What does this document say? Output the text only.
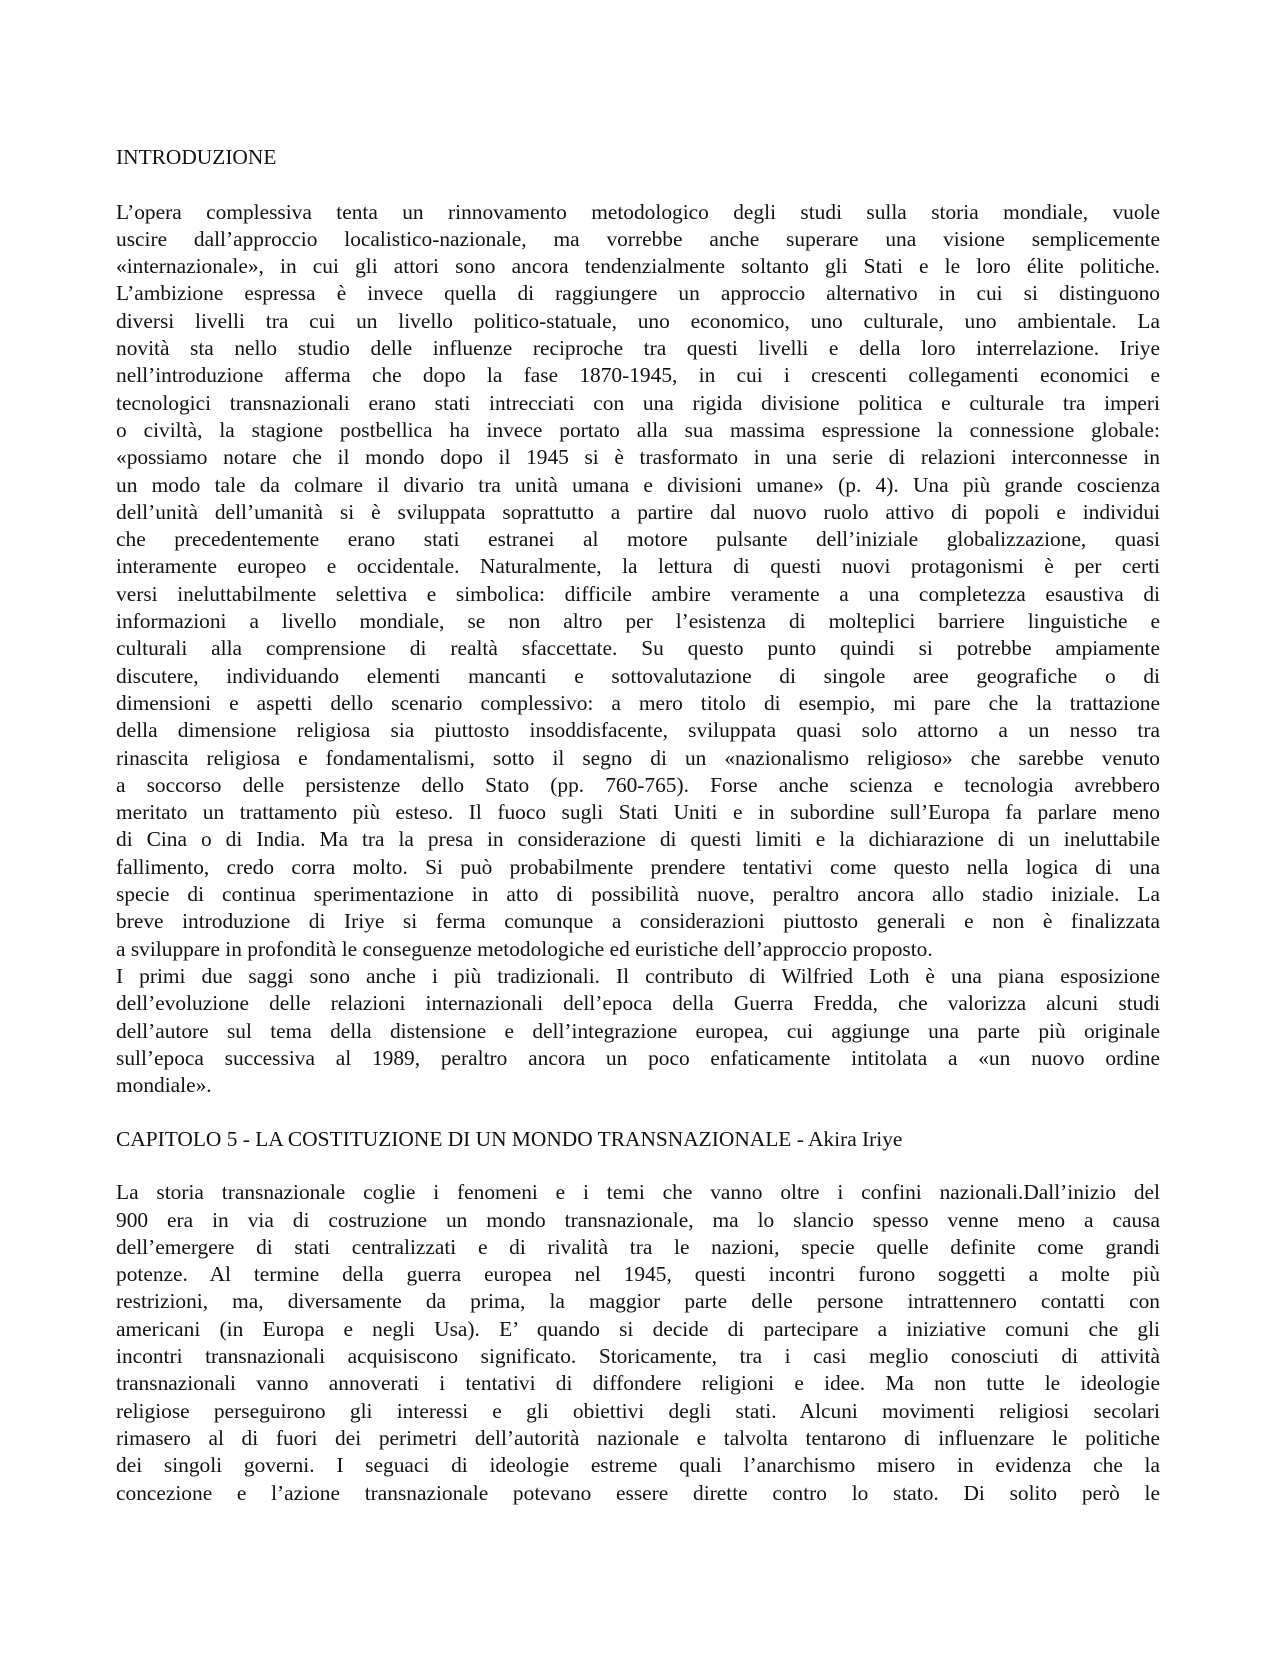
INTRODUZIONE

L’opera complessiva tenta un rinnovamento metodologico degli studi sulla storia mondiale, vuole
uscire dall’approccio localistico-nazionale, ma vorrebbe anche superare una visione semplicemente
«internazionale», in cui gli attori sono ancora tendenzialmente soltanto gli Stati e le loro élite politiche.
L’ambizione espressa è invece quella di raggiungere un approccio alternativo in cui si distinguono
diversi livelli tra cui un livello politico-statuale, uno economico, uno culturale, uno ambientale. La
novità sta nello studio delle influenze reciproche tra questi livelli e della loro interrelazione. Iriye
nell’introduzione afferma che dopo la fase 1870-1945, in cui i crescenti collegamenti economici e
tecnologici transnazionali erano stati intrecciati con una rigida divisione politica e culturale tra imperi
o civiltà, la stagione postbellica ha invece portato alla sua massima espressione la connessione globale:
«possiamo notare che il mondo dopo il 1945 si è trasformato in una serie di relazioni interconnesse in
un modo tale da colmare il divario tra unità umana e divisioni umane» (p. 4). Una più grande coscienza
dell’unità dell’umanità si è sviluppata soprattutto a partire dal nuovo ruolo attivo di popoli e individui
che precedentemente erano stati estranei al motore pulsante dell’iniziale globalizzazione, quasi
interamente europeo e occidentale. Naturalmente, la lettura di questi nuovi protagonismi è per certi
versi ineluttabilmente selettiva e simbolica: difficile ambire veramente a una completezza esaustiva di
informazioni a livello mondiale, se non altro per l’esistenza di molteplici barriere linguistiche e
culturali alla comprensione di realtà sfaccettate. Su questo punto quindi si potrebbe ampiamente
discutere, individuando elementi mancanti e sottovalutazione di singole aree geografiche o di
dimensioni e aspetti dello scenario complessivo: a mero titolo di esempio, mi pare che la trattazione
della dimensione religiosa sia piuttosto insoddisfacente, sviluppata quasi solo attorno a un nesso tra
rinascita religiosa e fondamentalismi, sotto il segno di un «nazionalismo religioso» che sarebbe venuto
a soccorso delle persistenze dello Stato (pp. 760-765). Forse anche scienza e tecnologia avrebbero
meritato un trattamento più esteso. Il fuoco sugli Stati Uniti e in subordine sull’Europa fa parlare meno
di Cina o di India. Ma tra la presa in considerazione di questi limiti e la dichiarazione di un ineluttabile
fallimento, credo corra molto. Si può probabilmente prendere tentativi come questo nella logica di una
specie di continua sperimentazione in atto di possibilità nuove, peraltro ancora allo stadio iniziale. La
breve introduzione di Iriye si ferma comunque a considerazioni piuttosto generali e non è finalizzata
a sviluppare in profondità le conseguenze metodologiche ed euristiche dell’approccio proposto.

I primi due saggi sono anche i più tradizionali. Il contributo di Wilfried Loth è una piana esposizione
dell’evoluzione delle relazioni internazionali dell’epoca della Guerra Fredda, che valorizza alcuni studi
dell’autore sul tema della distensione e dell’integrazione europea, cui aggiunge una parte più originale
sull’epoca successiva al 1989, peraltro ancora un poco enfaticamente intitolata a «un nuovo ordine
mondiale».

CAPITOLO 5 - LA COSTITUZIONE DI UN MONDO TRANSNAZIONALE - Akira Iriye

La storia transnazionale coglie i fenomeni e i temi che vanno oltre i confini nazionali.Dall’inizio del
900 era in via di costruzione un mondo transnazionale, ma lo slancio spesso venne meno a causa
dell’emergere di stati centralizzati e di rivalità tra le nazioni, specie quelle definite come grandi
potenze. Al termine della guerra europea nel 1945, questi incontri furono soggetti a molte più
restrizioni, ma, diversamente da prima, la maggior parte delle persone intrattennero contatti con
americani (in Europa e negli Usa). E’ quando si decide di partecipare a iniziative comuni che gli
incontri transnazionali acquisiscono significato. Storicamente, tra i casi meglio conosciuti di attività
transnazionali vanno annoverati i tentativi di diffondere religioni e idee. Ma non tutte le ideologie
religiose perseguirono gli interessi e gli obiettivi degli stati. Alcuni movimenti religiosi secolari
rimasero al di fuori dei perimetri dell’autorità nazionale e talvolta tentarono di influenzare le politiche
dei singoli governi. I seguaci di ideologie estreme quali l’anarchismo misero in evidenza che la
concezione e l’azione transnazionale potevano essere dirette contro lo stato. Di solito però le
